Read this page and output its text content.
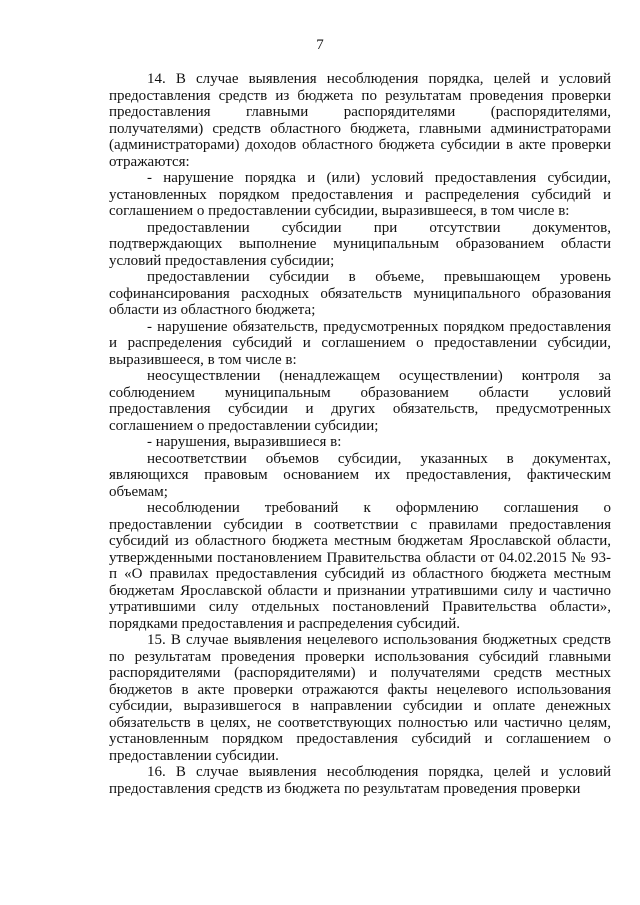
7

14. В случае выявления несоблюдения порядка, целей и условий предоставления средств из бюджета по результатам проведения проверки предоставления главными распорядителями (распорядителями, получателями) средств областного бюджета, главными администраторами (администраторами) доходов областного бюджета субсидии в акте проверки отражаются:

- нарушение порядка и (или) условий предоставления субсидии, установленных порядком предоставления и распределения субсидий и соглашением о предоставлении субсидии, выразившееся, в том числе в:

предоставлении субсидии при отсутствии документов, подтверждающих выполнение муниципальным образованием области условий предоставления субсидии;

предоставлении субсидии в объеме, превышающем уровень софинансирования расходных обязательств муниципального образования области из областного бюджета;

- нарушение обязательств, предусмотренных порядком предоставления и распределения субсидий и соглашением о предоставлении субсидии, выразившееся, в том числе в:

неосуществлении (ненадлежащем осуществлении) контроля за соблюдением муниципальным образованием области условий предоставления субсидии и других обязательств, предусмотренных соглашением о предоставлении субсидии;

- нарушения, выразившиеся в:

несоответствии объемов субсидии, указанных в документах, являющихся правовым основанием их предоставления, фактическим объемам;

несоблюдении требований к оформлению соглашения о предоставлении субсидии в соответствии с правилами предоставления субсидий из областного бюджета местным бюджетам Ярославской области, утвержденными постановлением Правительства области от 04.02.2015 № 93-п «О правилах предоставления субсидий из областного бюджета местным бюджетам Ярославской области и признании утратившими силу и частично утратившими силу отдельных постановлений Правительства области», порядками предоставления и распределения субсидий.

15. В случае выявления нецелевого использования бюджетных средств по результатам проведения проверки использования субсидий главными распорядителями (распорядителями) и получателями средств местных бюджетов в акте проверки отражаются факты нецелевого использования субсидии, выразившегося в направлении субсидии и оплате денежных обязательств в целях, не соответствующих полностью или частично целям, установленным порядком предоставления субсидий и соглашением о предоставлении субсидии.

16. В случае выявления несоблюдения порядка, целей и условий предоставления средств из бюджета по результатам проведения проверки
